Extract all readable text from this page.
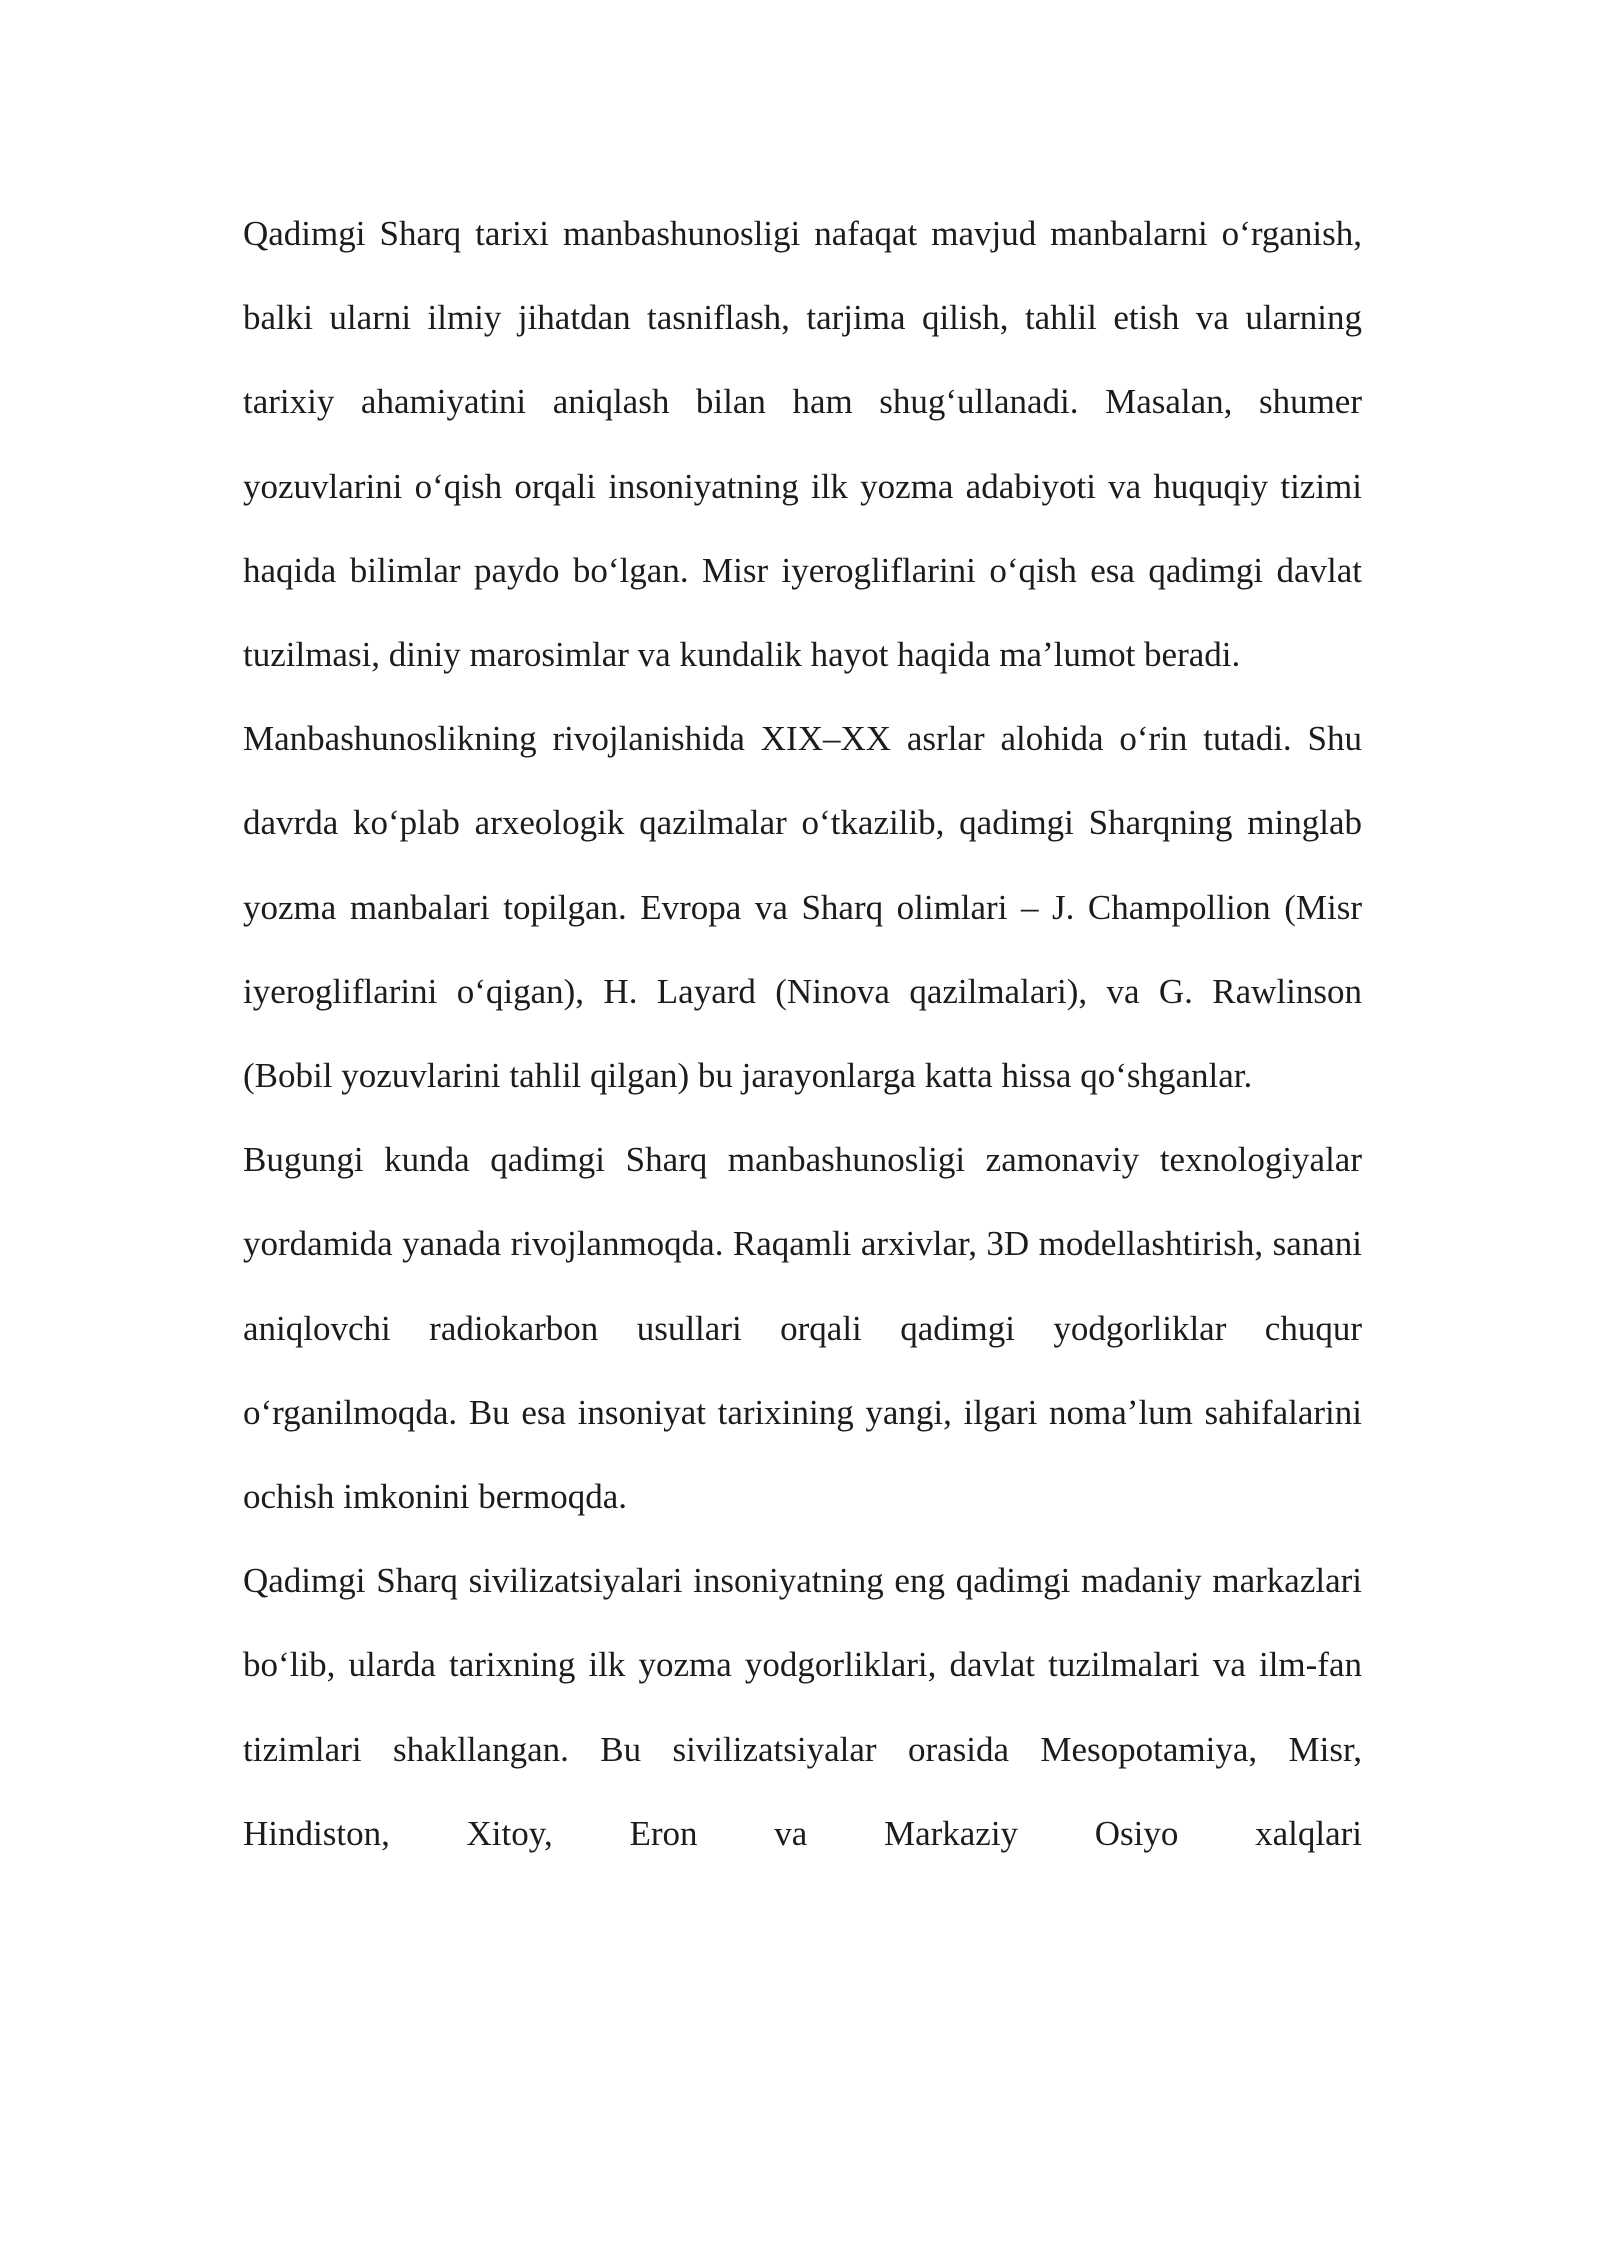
Qadimgi Sharq tarixi manbashunosligi nafaqat mavjud manbalarni oʻrganish, balki ularni ilmiy jihatdan tasniflash, tarjima qilish, tahlil etish va ularning tarixiy ahamiyatini aniqlash bilan ham shugʻullanadi. Masalan, shumer yozuvlarini oʻqish orqali insoniyatning ilk yozma adabiyoti va huquqiy tizimi haqida bilimlar paydo boʻlgan. Misr iyerogliflarini oʻqish esa qadimgi davlat tuzilmasi, diniy marosimlar va kundalik hayot haqida maʼlumot beradi.

Manbashunoslikning rivojlanishida XIX–XX asrlar alohida oʻrin tutadi. Shu davrda koʻplab arxeologik qazilmalar oʻtkazilib, qadimgi Sharqning minglab yozma manbalari topilgan. Evropa va Sharq olimlari – J. Champollion (Misr iyerogliflarini oʻqigan), H. Layard (Ninova qazilmalari), va G. Rawlinson (Bobil yozuvlarini tahlil qilgan) bu jarayonlarga katta hissa qoʻshganlar.

Bugungi kunda qadimgi Sharq manbashunosligi zamonaviy texnologiyalar yordamida yanada rivojlanmoqda. Raqamli arxivlar, 3D modellashtirish, sanani aniqlovchi radiokarbon usullari orqali qadimgi yodgorliklar chuqur oʻrganilmoqda. Bu esa insoniyat tarixining yangi, ilgari nomaʼlum sahifalarini ochish imkonini bermoqda.

Qadimgi Sharq sivilizatsiyalari insoniyatning eng qadimgi madaniy markazlari boʻlib, ularda tarixning ilk yozma yodgorliklari, davlat tuzilmalari va ilm-fan tizimlari shakllangan. Bu sivilizatsiyalar orasida Mesopotamiya, Misr, Hindiston, Xitoy, Eron va Markaziy Osiyo xalqlari
